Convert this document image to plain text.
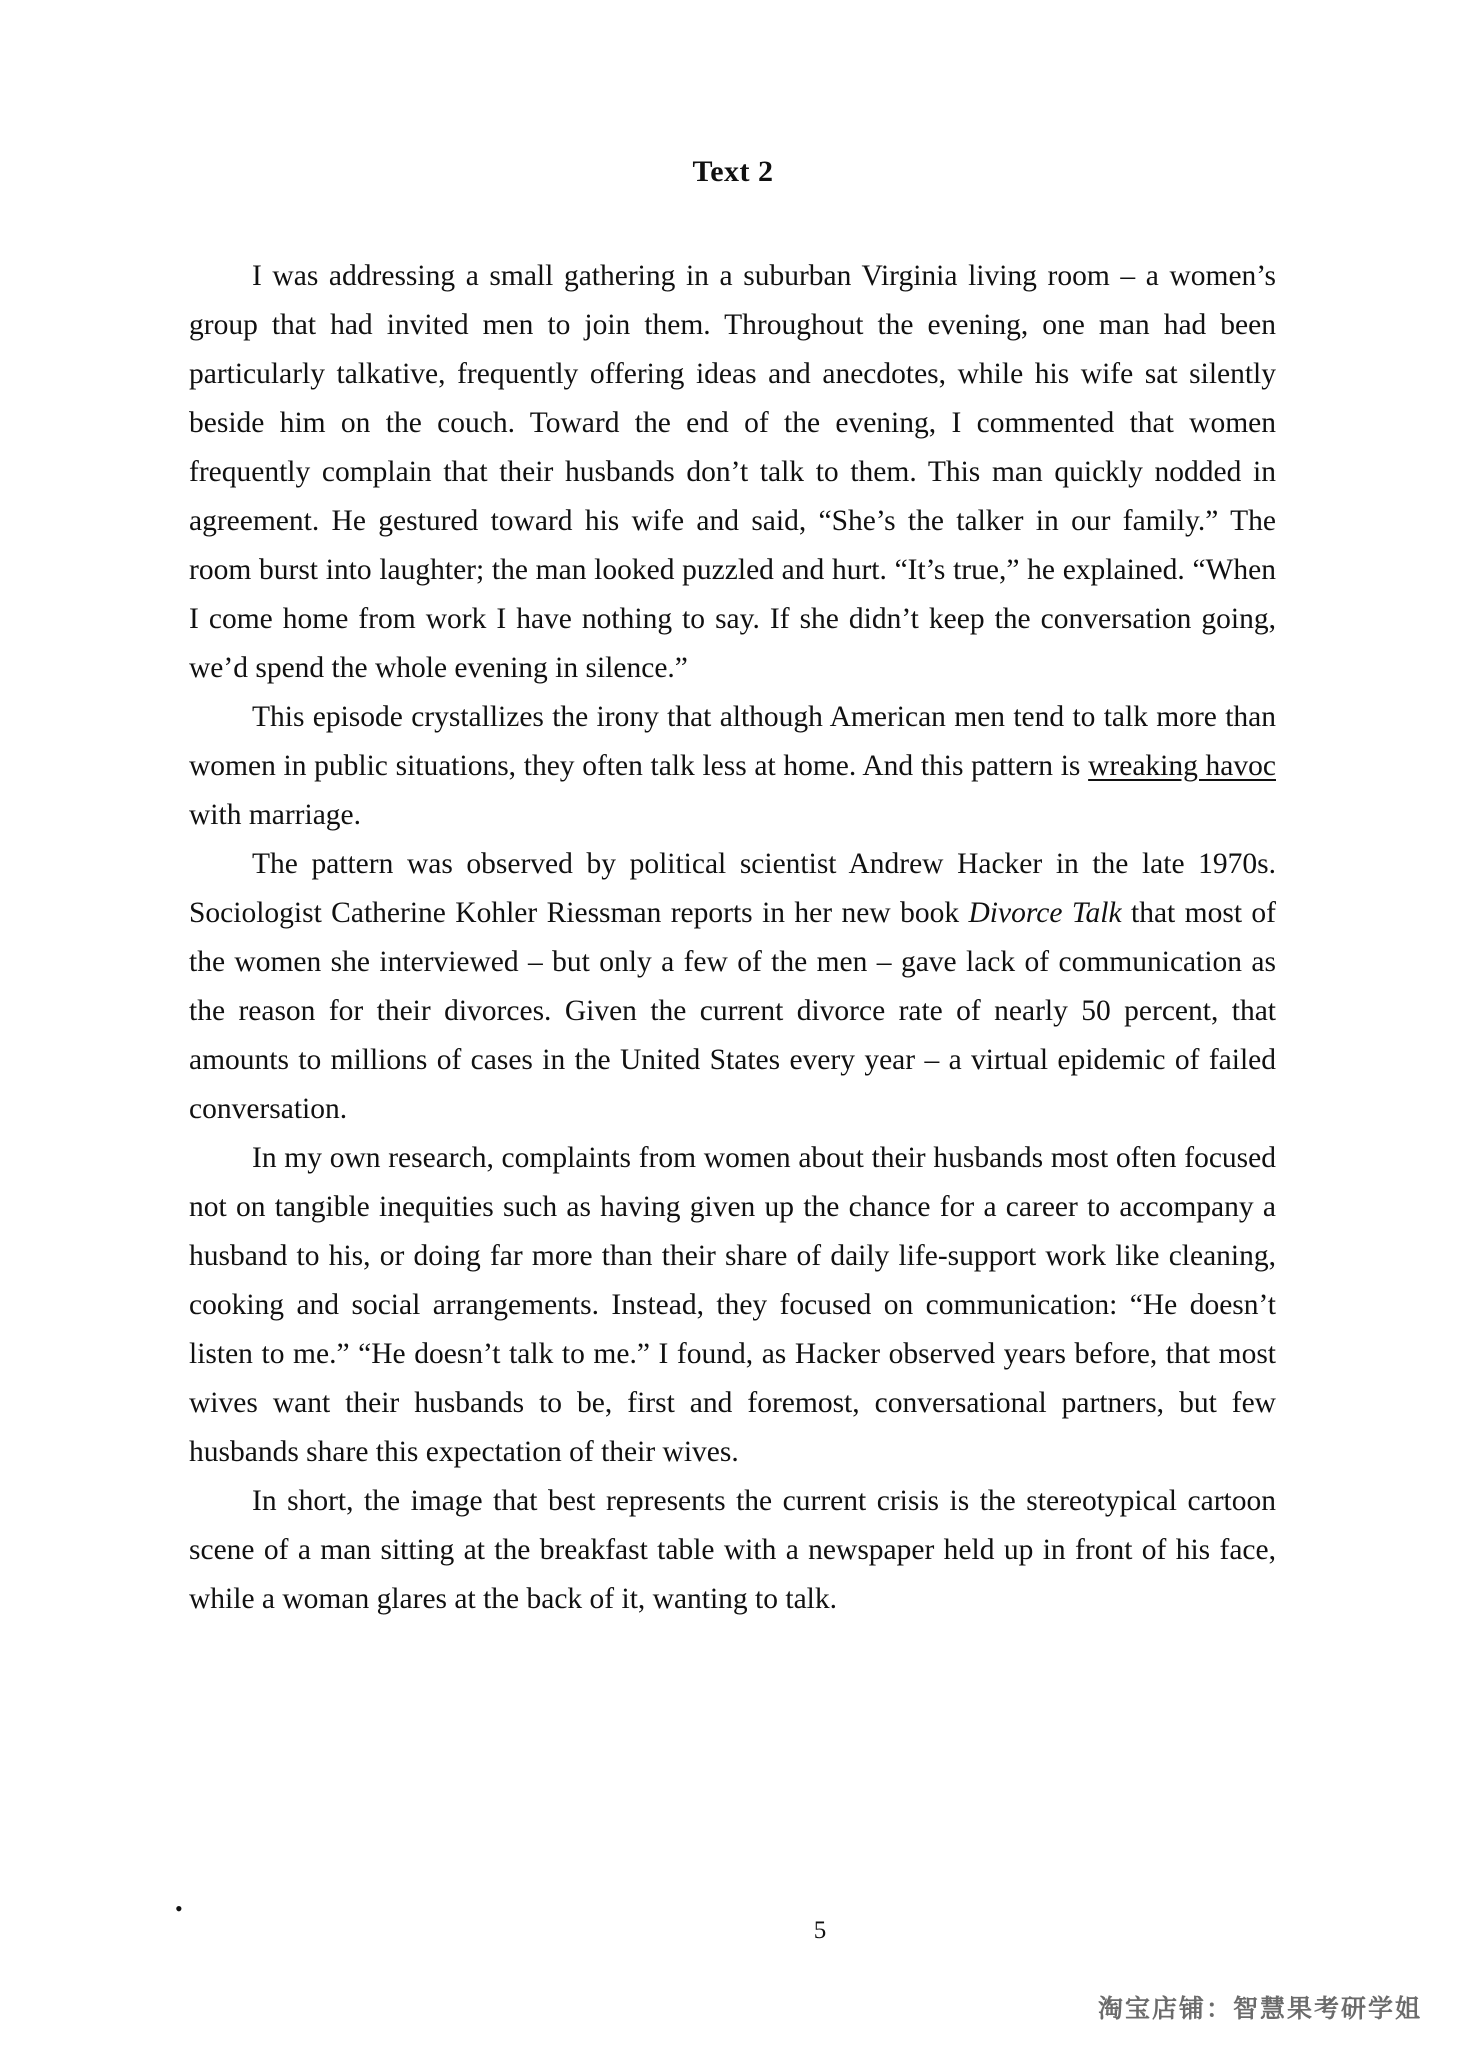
Text 2

I was addressing a small gathering in a suburban Virginia living room – a women’s group that had invited men to join them. Throughout the evening, one man had been particularly talkative, frequently offering ideas and anecdotes, while his wife sat silently beside him on the couch. Toward the end of the evening, I commented that women frequently complain that their husbands don’t talk to them. This man quickly nodded in agreement. He gestured toward his wife and said, “She’s the talker in our family.” The room burst into laughter; the man looked puzzled and hurt. “It’s true,” he explained. “When I come home from work I have nothing to say. If she didn’t keep the conversation going, we’d spend the whole evening in silence.”

This episode crystallizes the irony that although American men tend to talk more than women in public situations, they often talk less at home. And this pattern is wreaking havoc with marriage.

The pattern was observed by political scientist Andrew Hacker in the late 1970s. Sociologist Catherine Kohler Riessman reports in her new book Divorce Talk that most of the women she interviewed – but only a few of the men – gave lack of communication as the reason for their divorces. Given the current divorce rate of nearly 50 percent, that amounts to millions of cases in the United States every year – a virtual epidemic of failed conversation.

In my own research, complaints from women about their husbands most often focused not on tangible inequities such as having given up the chance for a career to accompany a husband to his, or doing far more than their share of daily life-support work like cleaning, cooking and social arrangements. Instead, they focused on communication: “He doesn’t listen to me.” “He doesn’t talk to me.” I found, as Hacker observed years before, that most wives want their husbands to be, first and foremost, conversational partners, but few husbands share this expectation of their wives.

In short, the image that best represents the current crisis is the stereotypical cartoon scene of a man sitting at the breakfast table with a newspaper held up in front of his face, while a woman glares at the back of it, wanting to talk.

•
5
淘宝店铺：智慧果考研学姐
